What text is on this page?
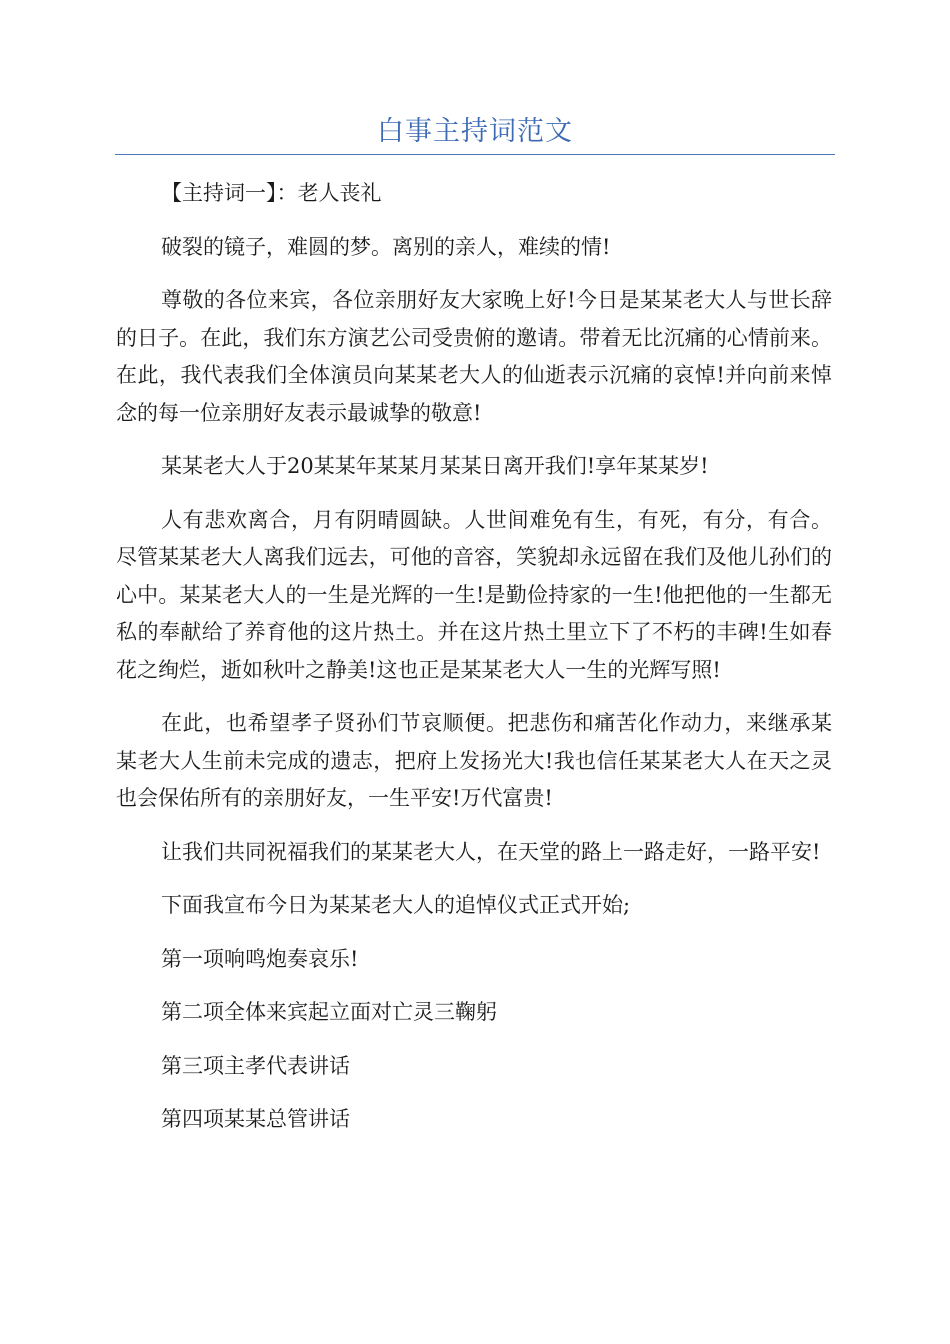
白事主持词范文

【主持词一】：老人丧礼

破裂的镜子，难圆的梦。离别的亲人，难续的情!

尊敬的各位来宾，各位亲朋好友大家晚上好!今日是某某老大人与世长辞的日子。在此，我们东方演艺公司受贵俯的邀请。带着无比沉痛的心情前来。在此，我代表我们全体演员向某某老大人的仙逝表示沉痛的哀悼!并向前来悼念的每一位亲朋好友表示最诚挚的敬意!

某某老大人于20某某年某某月某某日离开我们!享年某某岁!

人有悲欢离合，月有阴晴圆缺。人世间难免有生，有死，有分，有合。尽管某某老大人离我们远去，可他的音容，笑貌却永远留在我们及他儿孙们的心中。某某老大人的一生是光辉的一生!是勤俭持家的一生!他把他的一生都无私的奉献给了养育他的这片热土。并在这片热土里立下了不朽的丰碑!生如春花之绚烂，逝如秋叶之静美!这也正是某某老大人一生的光辉写照!

在此，也希望孝子贤孙们节哀顺便。把悲伤和痛苦化作动力，来继承某某老大人生前未完成的遗志，把府上发扬光大!我也信任某某老大人在天之灵也会保佑所有的亲朋好友，一生平安!万代富贵!

让我们共同祝福我们的某某老大人，在天堂的路上一路走好，一路平安!

下面我宣布今日为某某老大人的追悼仪式正式开始;

第一项响鸣炮奏哀乐!

第二项全体来宾起立面对亡灵三鞠躬

第三项主孝代表讲话

第四项某某总管讲话
